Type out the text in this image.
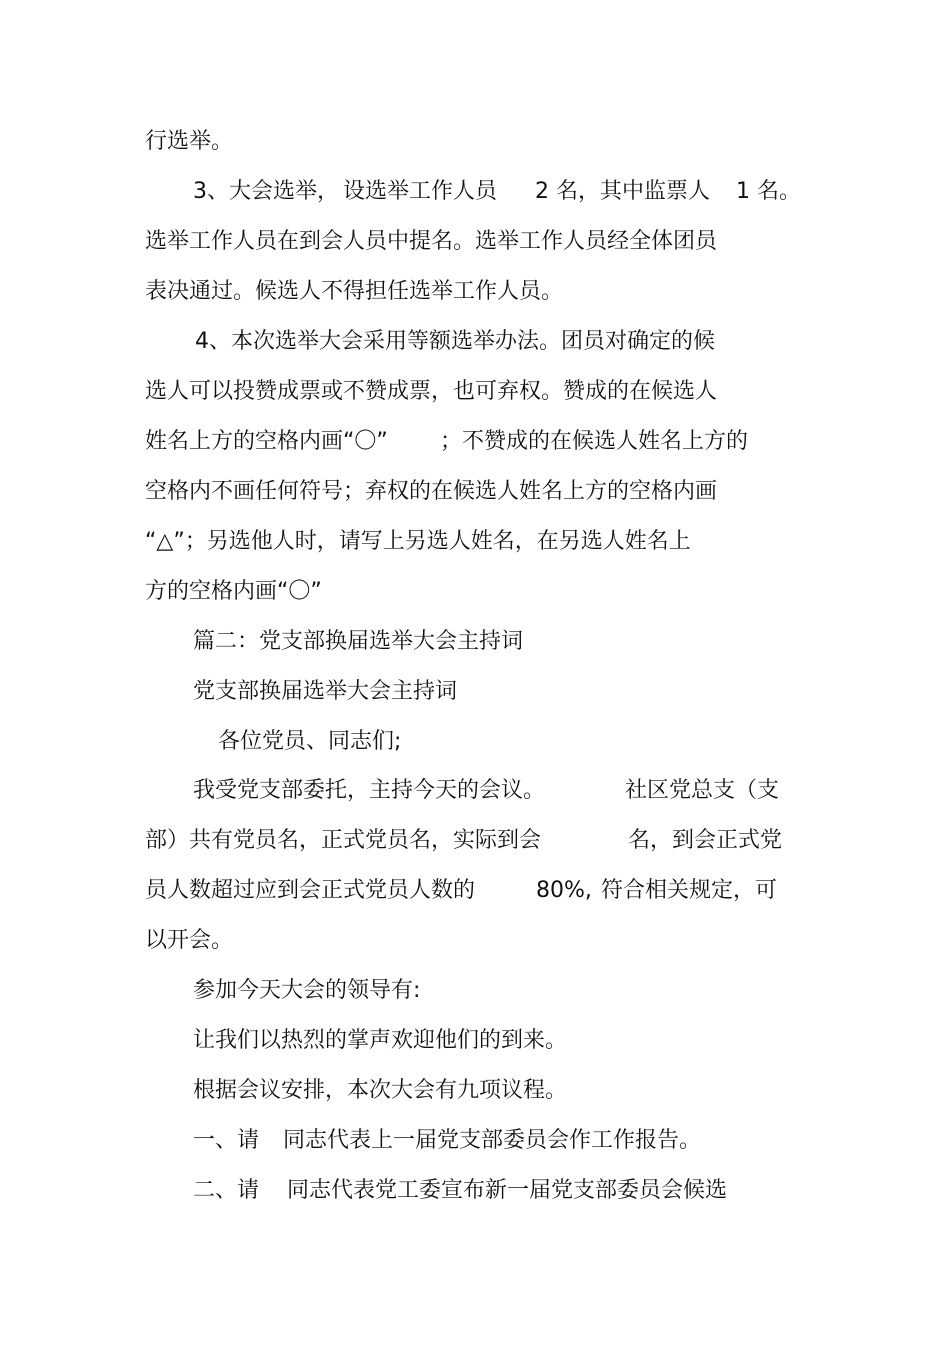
行选举。
3、大会选举， 设选举工作人员 2 名，其中监票人 1 名。
选举工作人员在到会人员中提名。选举工作人员经全体团员
表决通过。候选人不得担任选举工作人员。
4、本次选举大会采用等额选举办法。团员对确定的候
选人可以投赞成票或不赞成票，也可弃权。赞成的在候选人
姓名上方的空格内画“〇” ；不赞成的在候选人姓名上方的
空格内不画任何符号；弃权的在候选人姓名上方的空格内画
“△”；另选他人时，请写上另选人姓名，在另选人姓名上
方的空格内画“〇”
篇二：党支部换届选举大会主持词
党支部换届选举大会主持词
各位党员、同志们;
我受党支部委托，主持今天的会议。	社区党总支（支
部）共有党员名，正式党员名，实际到会	名，到会正式党
员人数超过应到会正式党员人数的	80%, 符合相关规定，可
以开会。
参加今天大会的领导有:
让我们以热烈的掌声欢迎他们的到来。
根据会议安排，本次大会有九项议程。
一、请 同志代表上一届党支部委员会作工作报告。
二、请 同志代表党工委宣布新一届党支部委员会候选
